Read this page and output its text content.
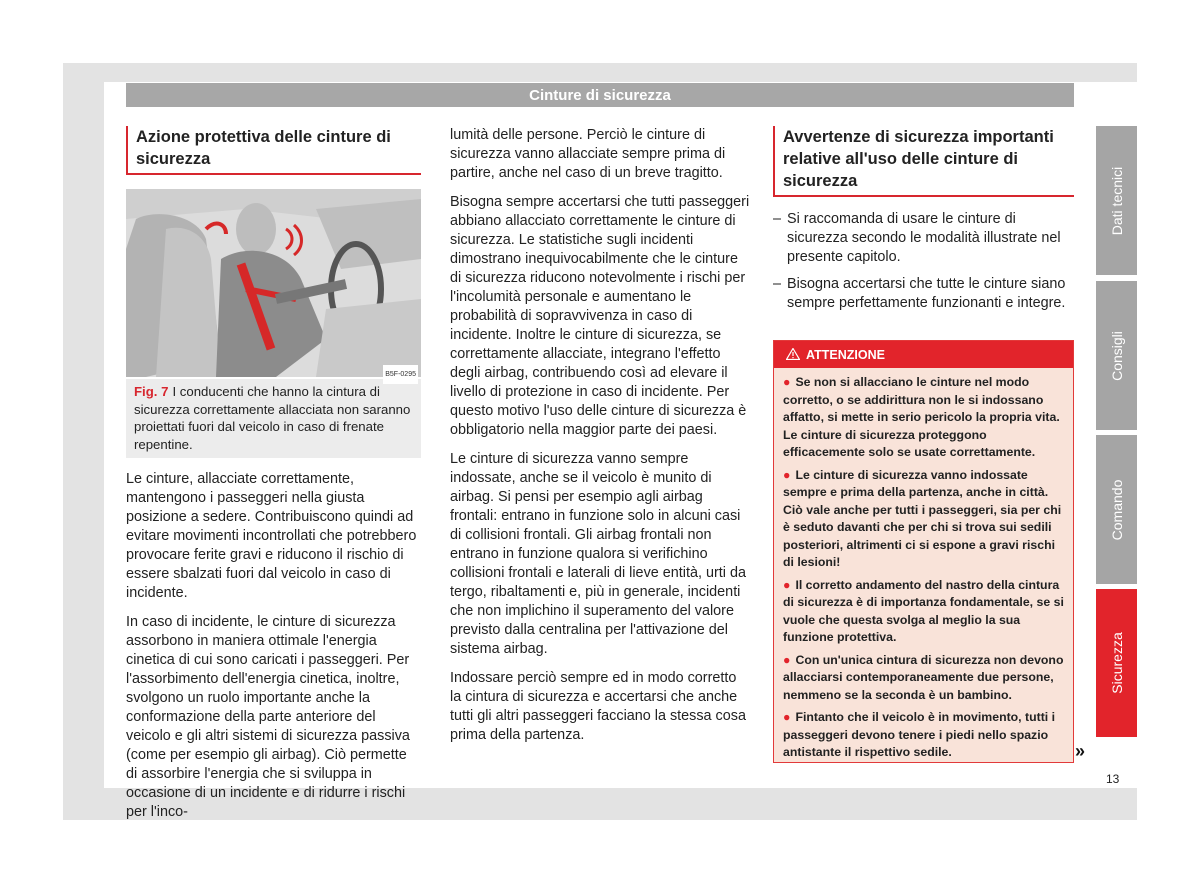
Cinture di sicurezza
Azione protettiva delle cinture di sicurezza
B5F-0295
Fig. 7 I conducenti che hanno la cintura di sicurezza correttamente allacciata non saranno proiettati fuori dal veicolo in caso di frenate repentine.

Le cinture, allacciate correttamente, mantengono i passeggeri nella giusta posizione a sedere. Contribuiscono quindi ad evitare movimenti incontrollati che potrebbero provocare ferite gravi e riducono il rischio di essere sbalzati fuori dal veicolo in caso di incidente.

In caso di incidente, le cinture di sicurezza assorbono in maniera ottimale l'energia cinetica di cui sono caricati i passeggeri. Per l'assorbimento dell'energia cinetica, inoltre, svolgono un ruolo importante anche la conformazione della parte anteriore del veicolo e gli altri sistemi di sicurezza passiva (come per esempio gli airbag). Ciò permette di assorbire l'energia che si sviluppa in occasione di un incidente e di ridurre i rischi per l'inco-

lumità delle persone. Perciò le cinture di sicurezza vanno allacciate sempre prima di partire, anche nel caso di un breve tragitto.

Bisogna sempre accertarsi che tutti passeggeri abbiano allacciato correttamente le cinture di sicurezza. Le statistiche sugli incidenti dimostrano inequivocabilmente che le cinture di sicurezza riducono notevolmente i rischi per l'incolumità personale e aumentano le probabilità di sopravvivenza in caso di incidente. Inoltre le cinture di sicurezza, se correttamente allacciate, integrano l'effetto degli airbag, contribuendo così ad elevare il livello di protezione in caso di incidente. Per questo motivo l'uso delle cinture di sicurezza è obbligatorio nella maggior parte dei paesi.

Le cinture di sicurezza vanno sempre indossate, anche se il veicolo è munito di airbag. Si pensi per esempio agli airbag frontali: entrano in funzione solo in alcuni casi di collisioni frontali. Gli airbag frontali non entrano in funzione qualora si verifichino collisioni frontali e laterali di lieve entità, urti da tergo, ribaltamenti e, più in generale, incidenti che non implichino il superamento del valore previsto dalla centralina per l'attivazione del sistema airbag.

Indossare perciò sempre ed in modo corretto la cintura di sicurezza e accertarsi che anche tutti gli altri passeggeri facciano la stessa cosa prima della partenza.

Avvertenze di sicurezza importanti relative all'uso delle cinture di sicurezza
– Si raccomanda di usare le cinture di sicurezza secondo le modalità illustrate nel presente capitolo.
– Bisogna accertarsi che tutte le cinture siano sempre perfettamente funzionanti e integre.
ATTENZIONE
● Se non si allacciano le cinture nel modo corretto, o se addirittura non le si indossano affatto, si mette in serio pericolo la propria vita. Le cinture di sicurezza proteggono efficacemente solo se usate correttamente.
● Le cinture di sicurezza vanno indossate sempre e prima della partenza, anche in città. Ciò vale anche per tutti i passeggeri, sia per chi è seduto davanti che per chi si trova sui sedili posteriori, altrimenti ci si espone a gravi rischi di lesioni!
● Il corretto andamento del nastro della cintura di sicurezza è di importanza fondamentale, se si vuole che questa svolga al meglio la sua funzione protettiva.
● Con un'unica cintura di sicurezza non devono allacciarsi contemporaneamente due persone, nemmeno se la seconda è un bambino.
● Fintanto che il veicolo è in movimento, tutti i passeggeri devono tenere i piedi nello spazio antistante il rispettivo sedile.
Dati tecnici
Consigli
Comando
Sicurezza
»
13
